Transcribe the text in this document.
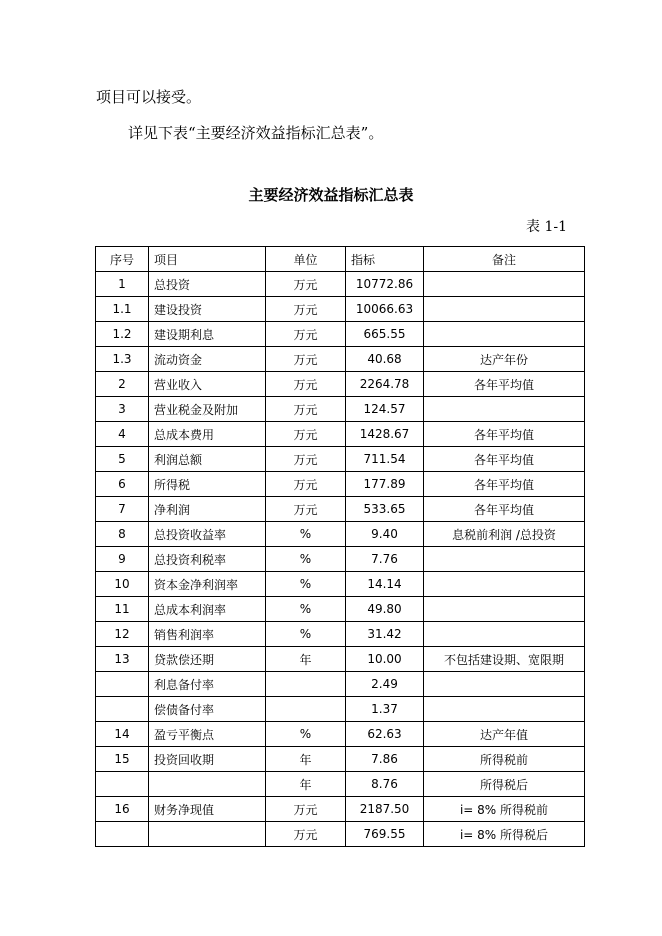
项目可以接受。
详见下表“主要经济效益指标汇总表”。
主要经济效益指标汇总表
表 1-1
序号	项目	单位	指标	备注
1	总投资	万元	10772.86	
1.1	建设投资	万元	10066.63	
1.2	建设期利息	万元	665.55	
1.3	流动资金	万元	40.68	达产年份
2	营业收入	万元	2264.78	各年平均值
3	营业税金及附加	万元	124.57	
4	总成本费用	万元	1428.67	各年平均值
5	利润总额	万元	711.54	各年平均值
6	所得税	万元	177.89	各年平均值
7	净利润	万元	533.65	各年平均值
8	总投资收益率	%	9.40	息税前利润 /总投资
9	总投资利税率	%	7.76	
10	资本金净利润率	%	14.14	
11	总成本利润率	%	49.80	
12	销售利润率	%	31.42	
13	贷款偿还期	年	10.00	不包括建设期、宽限期
	利息备付率		2.49	
	偿债备付率		1.37	
14	盈亏平衡点	%	62.63	达产年值
15	投资回收期	年	7.86	所得税前
		年	8.76	所得税后
16	财务净现值	万元	2187.50	i= 8% 所得税前
		万元	769.55	i= 8% 所得税后
